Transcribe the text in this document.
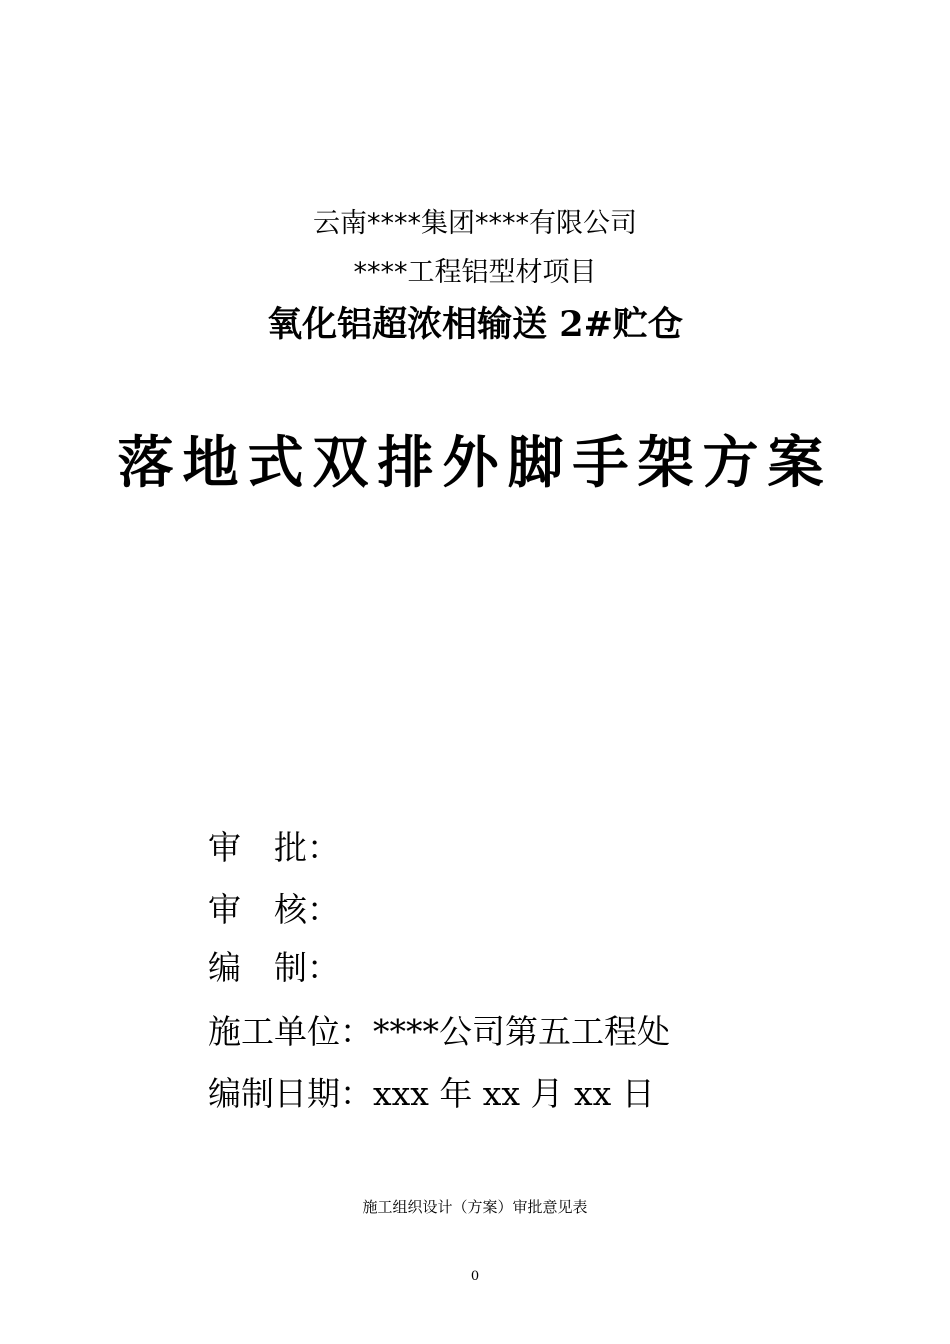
云南****集团****有限公司
****工程铝型材项目
氧化铝超浓相输送 2#贮仓
落地式双排外脚手架方案
审　批：
审　核：
编　制：
施工单位：****公司第五工程处
编制日期：xxx 年 xx 月 xx 日
施工组织设计（方案）审批意见表
0
